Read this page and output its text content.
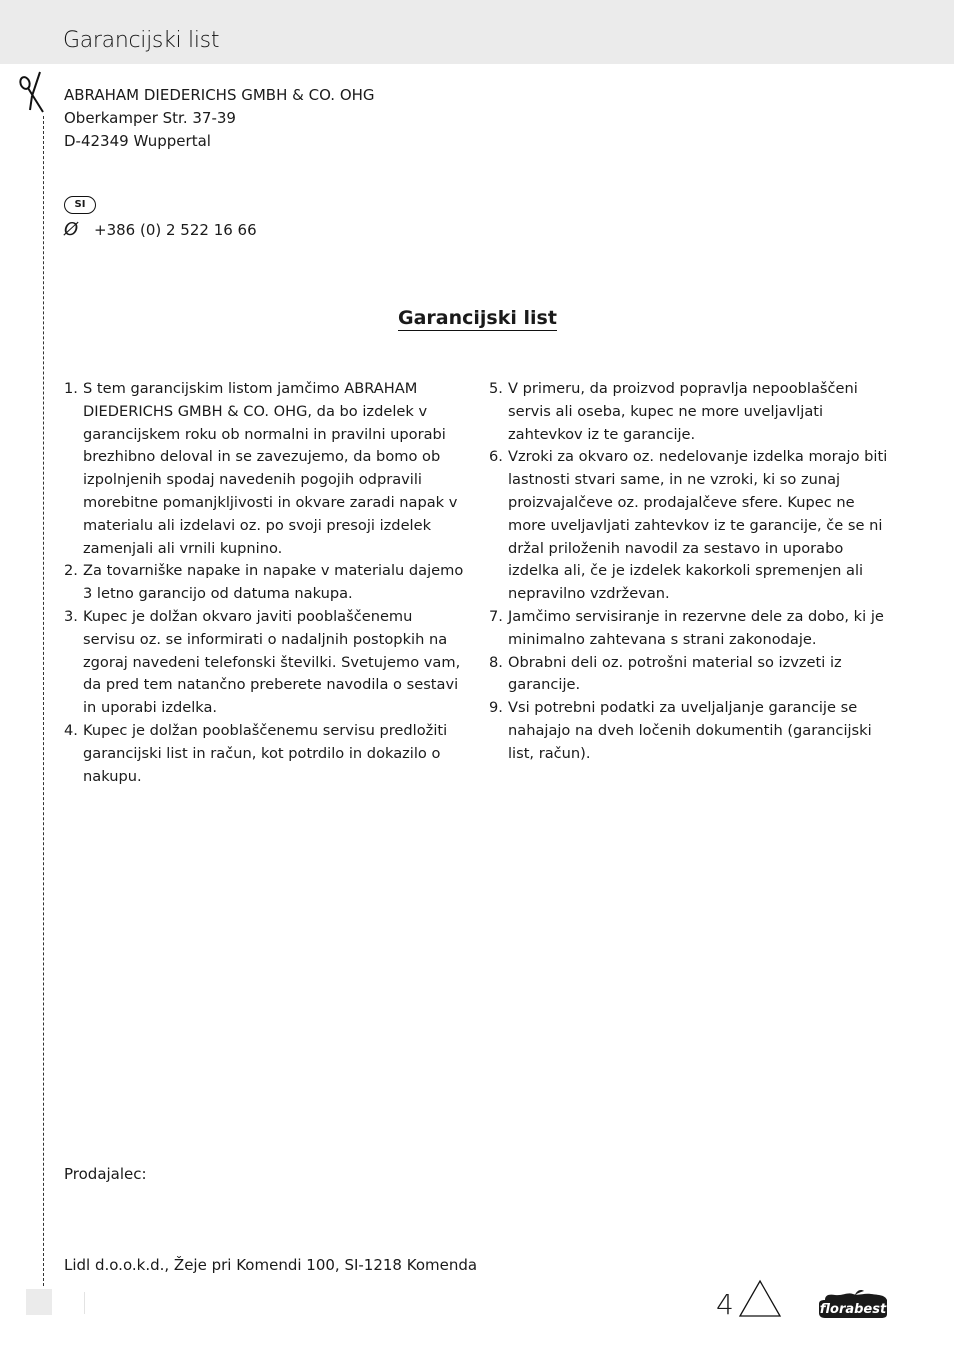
Garancijski list
ABRAHAM DIEDERICHS GMBH & CO. OHG
Oberkamper Str. 37-39
D-42349 Wuppertal
SI
Ø +386 (0) 2 522 16 66
Garancijski list
1. S tem garancijskim listom jamčimo ABRAHAM DIEDERICHS GMBH & CO. OHG, da bo izdelek v garancijskem roku ob normalni in pravilni uporabi brezhibno deloval in se zavezujemo, da bomo ob izpolnjenih spodaj navedenih pogojih odpravili morebitne pomanjkljivosti in okvare zaradi napak v materialu ali izdelavi oz. po svoji presoji izdelek zamenjali ali vrnili kupnino.
2. Za tovarniške napake in napake v materialu dajemo 3 letno garancijo od datuma nakupa.
3. Kupec je dolžan okvaro javiti pooblaščenemu servisu oz. se informirati o nadaljnih postopkih na zgoraj navedeni telefonski številki. Svetujemo vam, da pred tem natančno preberete navodila o sestavi in uporabi izdelka.
4. Kupec je dolžan pooblaščenemu servisu predložiti garancijski list in račun, kot potrdilo in dokazilo o nakupu.
5. V primeru, da proizvod popravlja nepooblaščeni servis ali oseba, kupec ne more uveljavljati zahtevkov iz te garancije.
6. Vzroki za okvaro oz. nedelovanje izdelka morajo biti lastnosti stvari same, in ne vzroki, ki so zunaj proizvajalčeve oz. prodajalčeve sfere. Kupec ne more uveljavljati zahtevkov iz te garancije, če se ni držal priloženih navodil za sestavo in uporabo izdelka ali, če je izdelek kakorkoli spremenjen ali nepravilno vzdrževan.
7. Jamčimo servisiranje in rezervne dele za dobo, ki je minimalno zahtevana s strani zakonodaje.
8. Obrabni deli oz. potrošni material so izvzeti iz garancije.
9. Vsi potrebni podatki za uveljaljanje garancije se nahajajo na dveh ločenih dokumentih (garancijski list, račun).
Prodajalec:
Lidl d.o.o.k.d., Žeje pri Komendi 100, SI-1218 Komenda
4	florabest
